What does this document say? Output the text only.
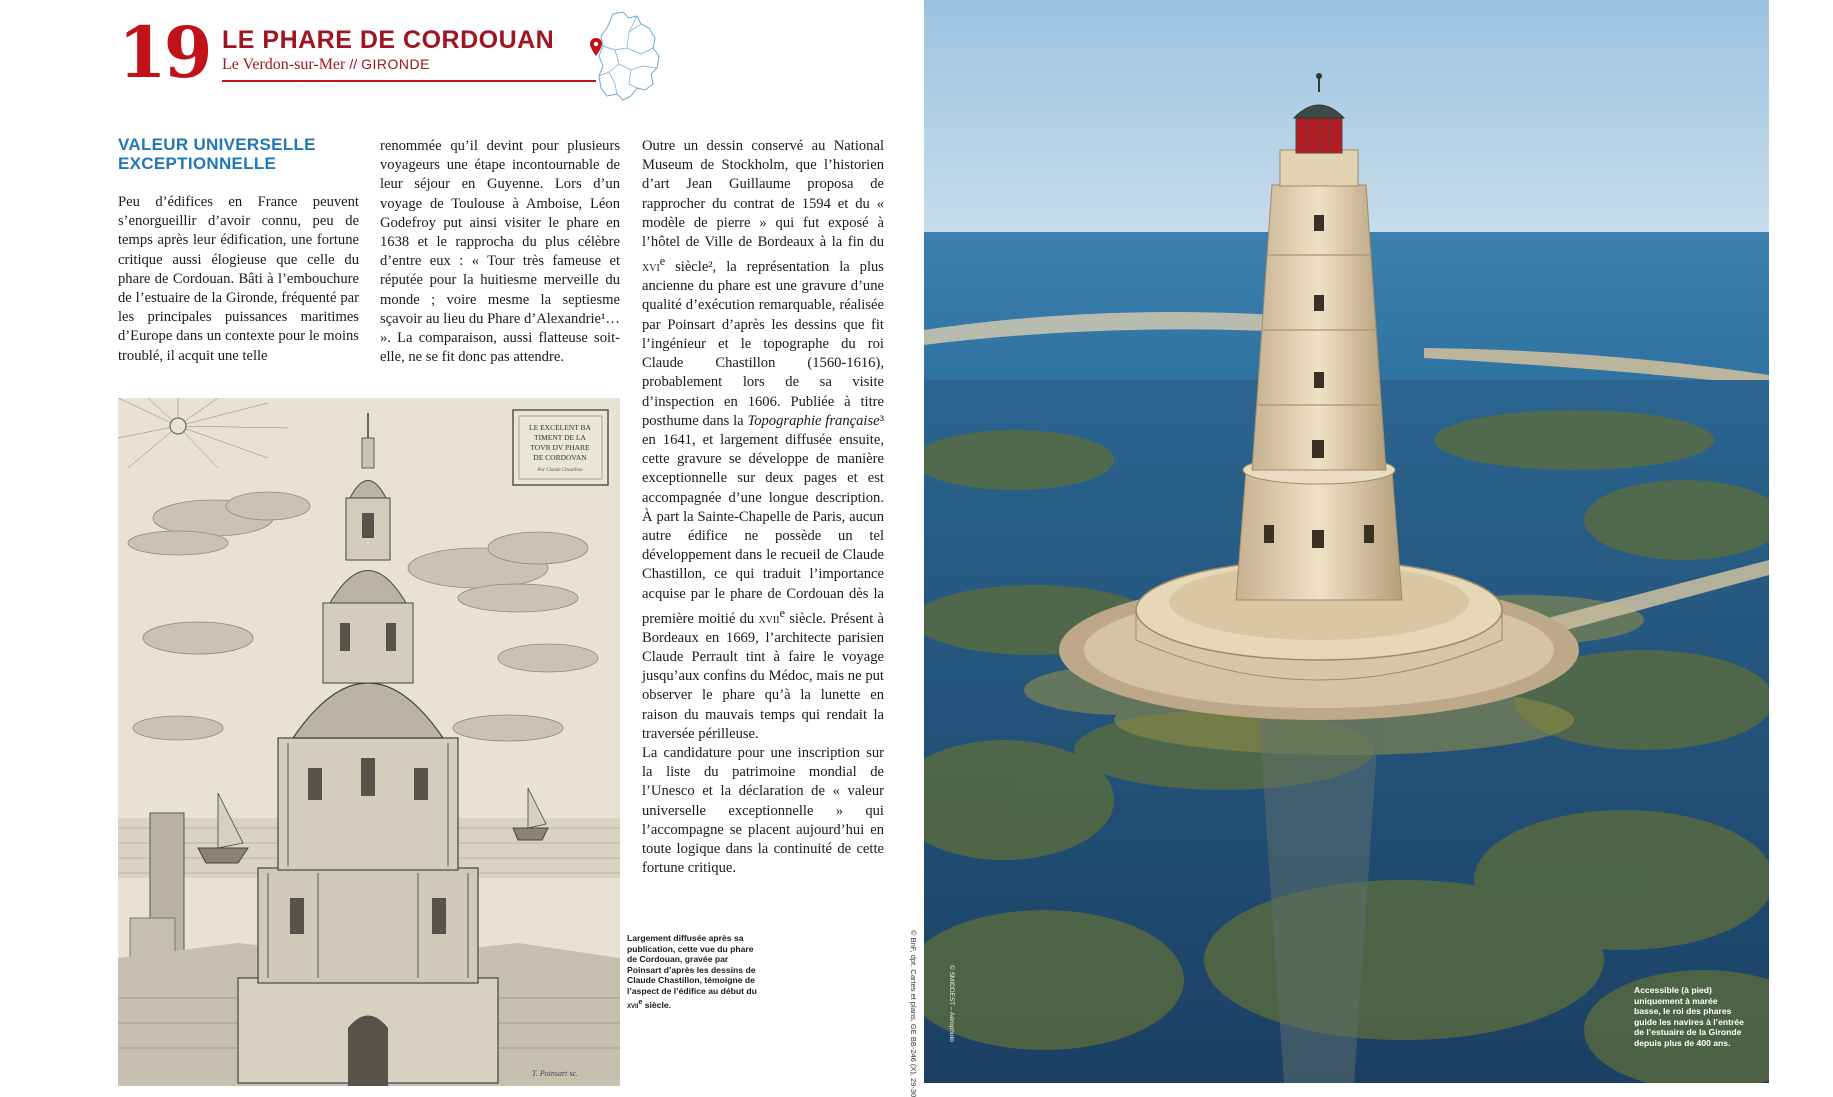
19 LE PHARE DE CORDOUAN
Le Verdon-sur-Mer // GIRONDE
VALEUR UNIVERSELLE
EXCEPTIONNELLE

Peu d’édifices en France peuvent s’enorgueillir d’avoir connu, peu de temps après leur édification, une fortune critique aussi élogieuse que celle du phare de Cordouan. Bâti à l’embouchure de l’estuaire de la Gironde, fréquenté par les principales puissances maritimes d’Europe dans un contexte pour le moins troublé, il acquit une telle

renommée qu’il devint pour plusieurs voyageurs une étape incontournable de leur séjour en Guyenne. Lors d’un voyage de Toulouse à Amboise, Léon Godefroy put ainsi visiter le phare en 1638 et le rapprocha du plus célèbre d’entre eux : « Tour très fameuse et réputée pour la huitiesme merveille du monde ; voire mesme la septiesme sçavoir au lieu du Phare d’Alexandrie¹… ». La comparaison, aussi flatteuse soit-elle, ne se fit donc pas attendre.

Outre un dessin conservé au National Museum de Stockholm, que l’historien d’art Jean Guillaume proposa de rapprocher du contrat de 1594 et du « modèle de pierre » qui fut exposé à l’hôtel de Ville de Bordeaux à la fin du xvi$^e$ siècle², la représentation la plus ancienne du phare est une gravure d’une qualité d’exécution remarquable, réalisée par Poinsart d’après les dessins que fit l’ingénieur et le topographe du roi Claude Chastillon (1560-1616), probablement lors de sa visite d’inspection en 1606. Publiée à titre posthume dans la Topographie française³ en 1641, et largement diffusée ensuite, cette gravure se développe de manière exceptionnelle sur deux pages et est accompagnée d’une longue description. À part la Sainte-Chapelle de Paris, aucun autre édifice ne possède un tel développement dans le recueil de Claude Chastillon, ce qui traduit l’importance acquise par le phare de Cordouan dès la première moitié du xvii$^e$ siècle. Présent à Bordeaux en 1669, l’architecte parisien Claude Perrault tint à faire le voyage jusqu’aux confins du Médoc, mais ne put observer le phare qu’à la lunette en raison du mauvais temps qui rendait la traversée périlleuse.

La candidature pour une inscription sur la liste du patrimoine mondial de l’Unesco et la déclaration de « valeur universelle exceptionnelle » qui l’accompagne se placent aujourd’hui en toute logique dans la continuité de cette fortune critique.

LE EXCELENT BA
TIMENT DE LA
TOVR DV PHARE
DE CORDOVAN
Par Claude Chastillon
T. Poinsart sc.
Largement diffusée après sa publication, cette vue du phare de Cordouan, gravée par Poinsart d’après les dessins de Claude Chastillon, témoigne de l’aspect de l’édifice au début du xvii$^e$ siècle.	© BnF, dpt. Cartes et plans, GE BB-246 (X), 29-30	© SMIDDEST – Aérophoto	Accessible (à pied) uniquement à marée basse, le roi des phares guide les navires à l’entrée de l’estuaire de la Gironde depuis plus de 400 ans.
